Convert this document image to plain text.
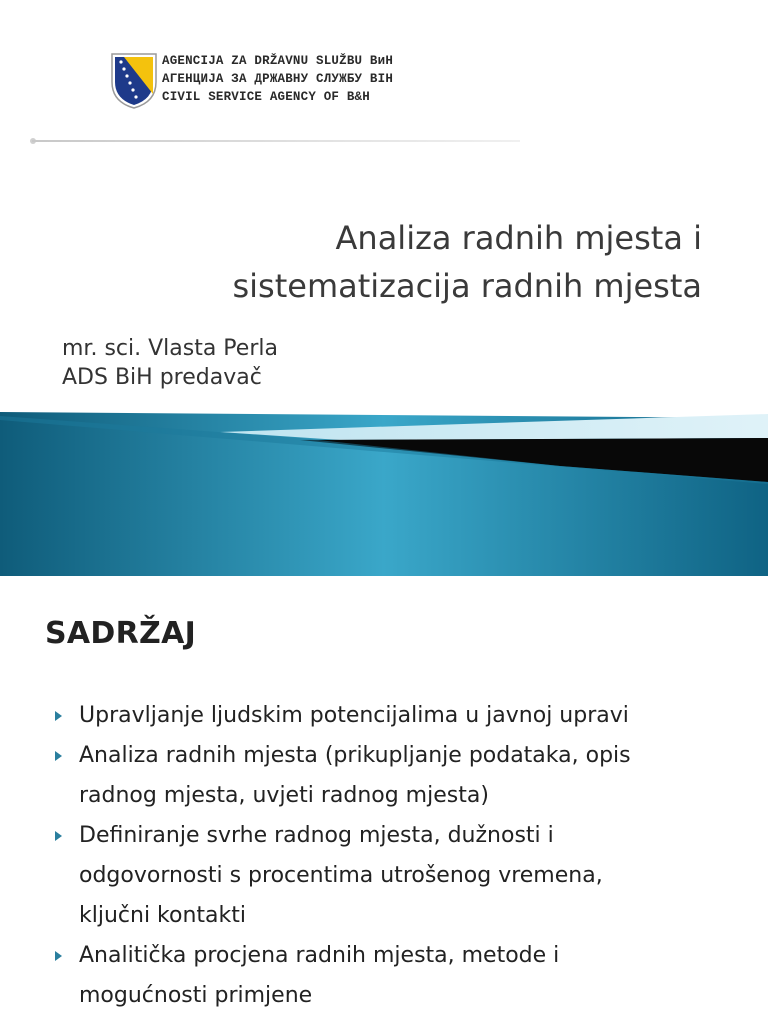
AGENCIJA ZA DRŽAVNU SLUŽBU BиH
АГЕНЦИЈА ЗА ДРЖАВНУ СЛУЖБУ ВІН
CIVIL SERVICE AGENCY OF B&H
Analiza radnih mjesta i
sistematizacija radnih mjesta
mr. sci. Vlasta Perla
ADS BiH predavač
SADRŽAJ
Upravljanje ljudskim potencijalima u javnoj upravi
Analiza radnih mjesta (prikupljanje podataka, opis
radnog mjesta, uvjeti radnog mjesta)
Definiranje svrhe radnog mjesta, dužnosti i
odgovornosti s procentima utrošenog vremena,
ključni kontakti
Analitička procjena radnih mjesta, metode i
mogućnosti primjene
